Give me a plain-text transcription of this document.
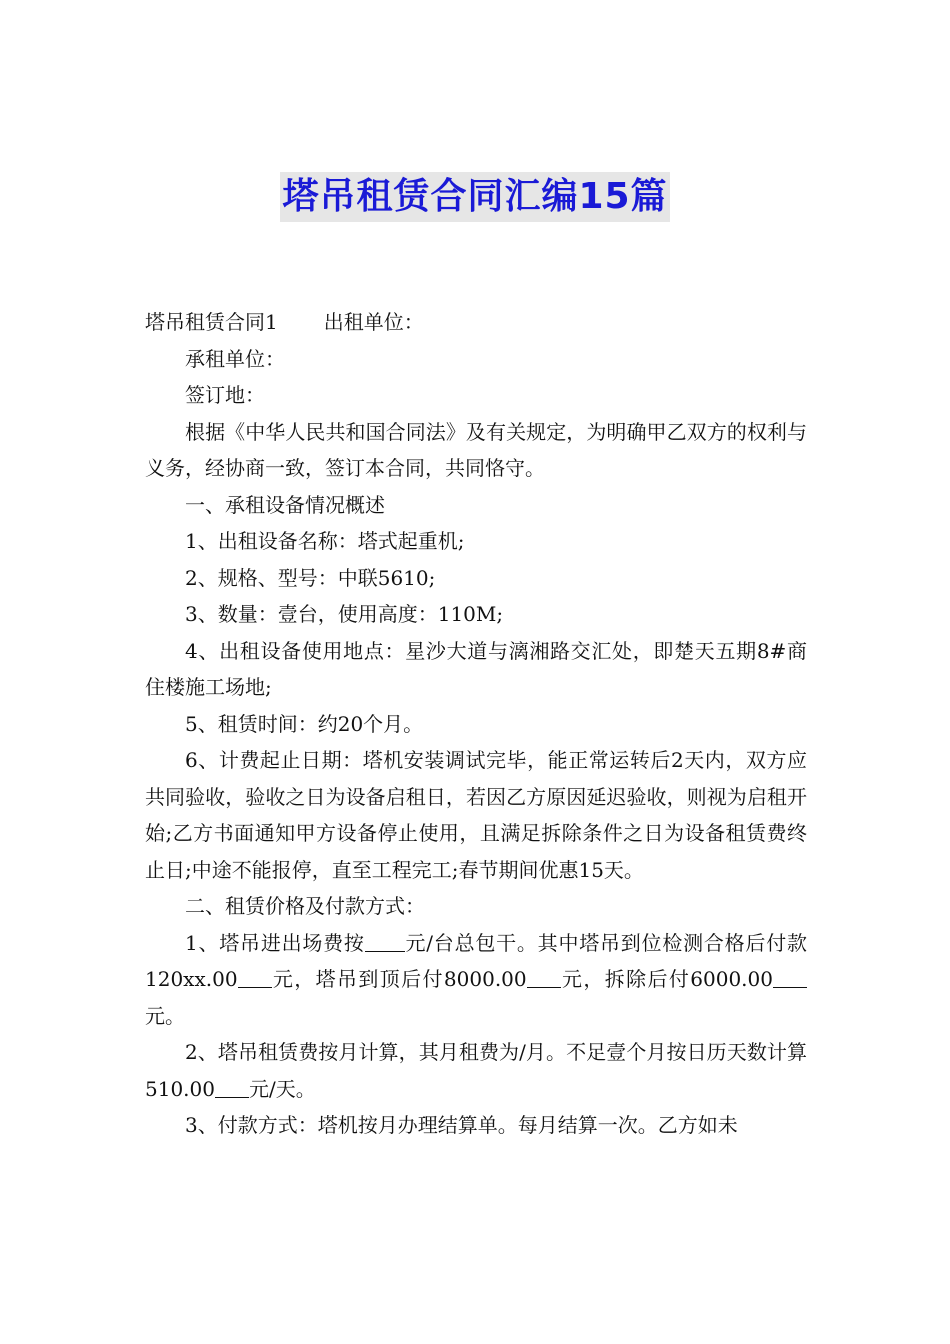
塔吊租赁合同汇编15篇

塔吊租赁合同1 出租单位：

承租单位：

签订地：

根据《中华人民共和国合同法》及有关规定，为明确甲乙双方的权利与义务，经协商一致，签订本合同，共同恪守。

一、承租设备情况概述

1、出租设备名称：塔式起重机;

2、规格、型号：中联5610;

3、数量：壹台，使用高度：110M;

4、出租设备使用地点：星沙大道与漓湘路交汇处，即楚天五期8#商住楼施工场地;

5、租赁时间：约20个月。

6、计费起止日期：塔机安装调试完毕，能正常运转后2天内，双方应共同验收，验收之日为设备启租日，若因乙方原因延迟验收，则视为启租开始;乙方书面通知甲方设备停止使用，且满足拆除条件之日为设备租赁费终止日;中途不能报停，直至工程完工;春节期间优惠15天。

二、租赁价格及付款方式：

1、塔吊进出场费按 元/台总包干。其中塔吊到位检测合格后付款120xx.00 元，塔吊到顶后付8000.00 元，拆除后付6000.00元。

2、塔吊租赁费按月计算，其月租费为/月。不足壹个月按日历天数计算510.00 元/天。

3、付款方式：塔机按月办理结算单。每月结算一次。乙方如未
